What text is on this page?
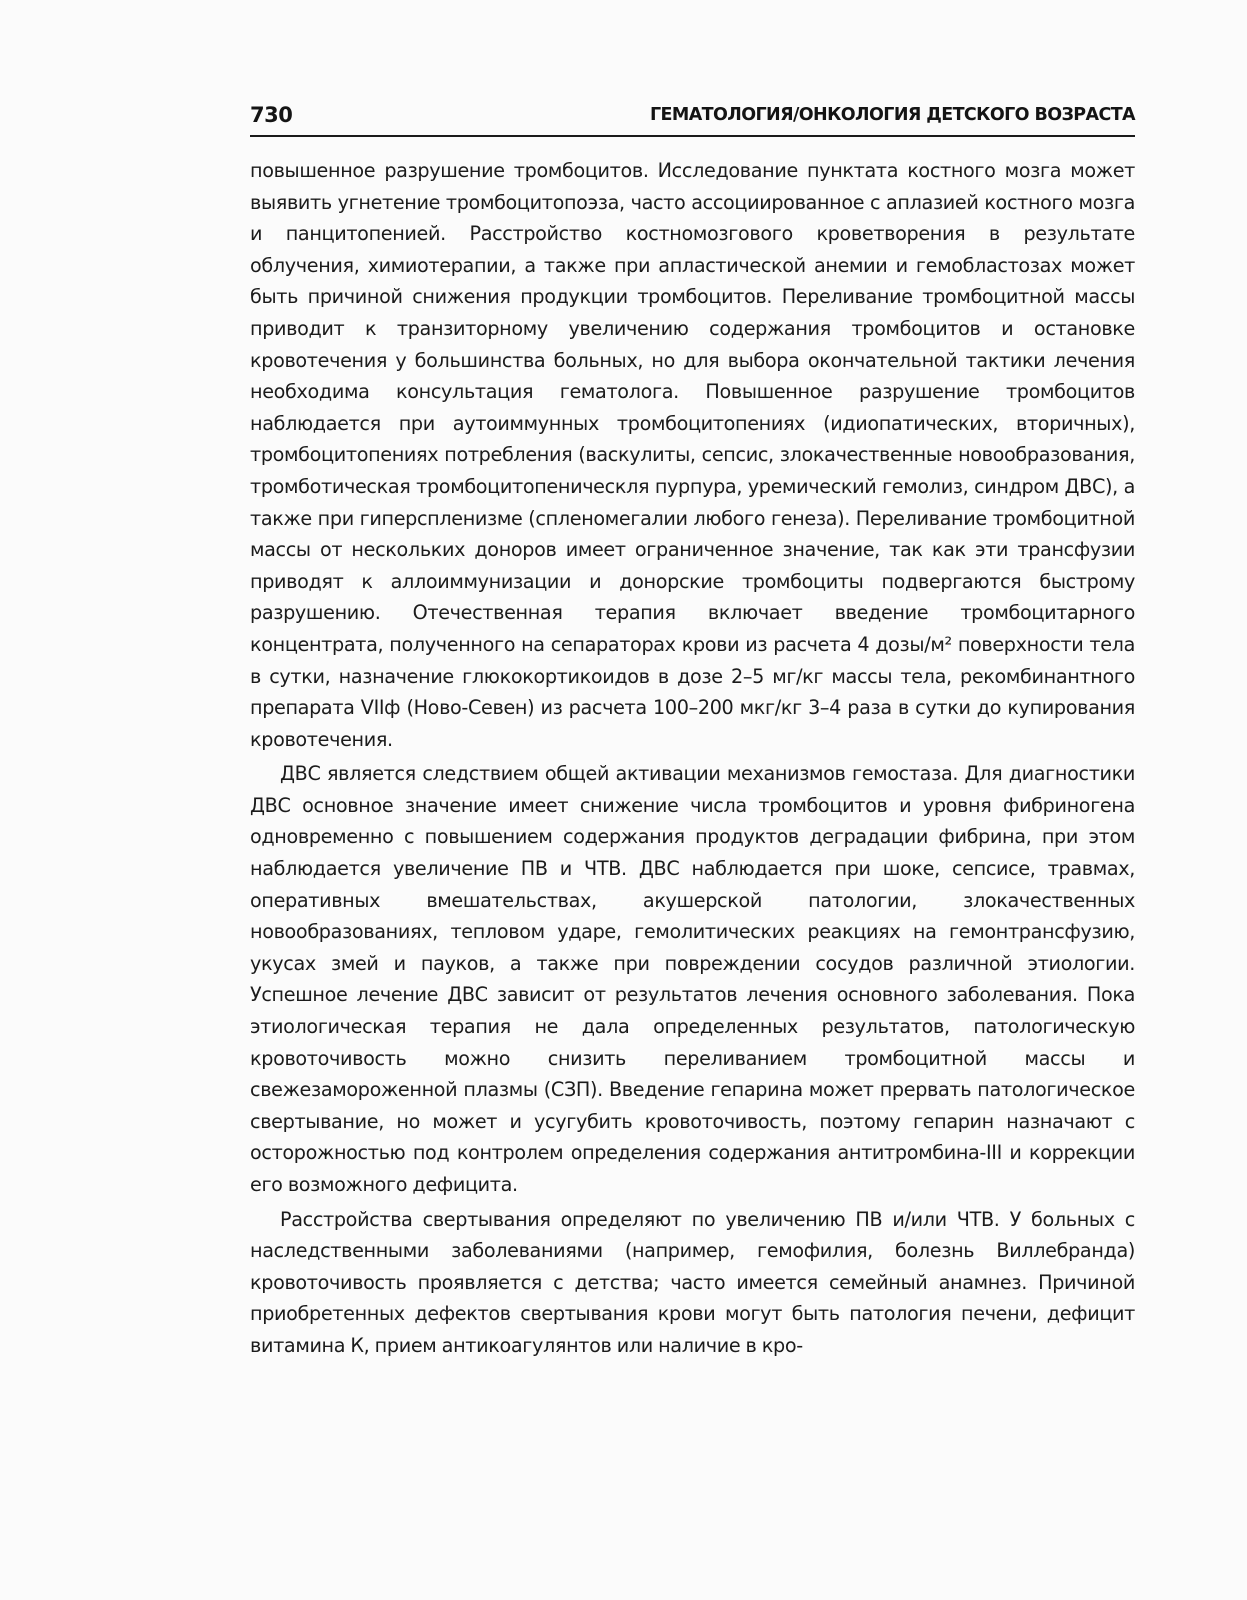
730	ГЕМАТОЛОГИЯ/ОНКОЛОГИЯ ДЕТСКОГО ВОЗРАСТА

повышенное разрушение тромбоцитов. Исследование пунктата костного мозга может выявить угнетение тромбоцитопоэза, часто ассоциированное с аплазией костного мозга и панцитопенией. Расстройство костномозгового кроветворения в результате облучения, химиотерапии, а также при апластической анемии и гемобластозах может быть причиной снижения продукции тромбоцитов. Переливание тромбоцитной массы приводит к транзиторному увеличению содержания тромбоцитов и остановке кровотечения у большинства больных, но для выбора окончательной тактики лечения необходима консультация гематолога. Повышенное разрушение тромбоцитов наблюдается при аутоиммунных тромбоцитопениях (идиопатических, вторичных), тромбоцитопениях потребления (васкулиты, сепсис, злокачественные новообразования, тромботическая тромбоцитопеническля пурпура, уремический гемолиз, синдром ДВС), а также при гиперспленизме (спленомегалии любого генеза). Переливание тромбоцитной массы от нескольких доноров имеет ограниченное значение, так как эти трансфузии приводят к аллоиммунизации и донорские тромбоциты подвергаются быстрому разрушению. Отечественная терапия включает введение тромбоцитарного концентрата, полученного на сепараторах крови из расчета 4 дозы/м² поверхности тела в сутки, назначение глюкокортикоидов в дозе 2–5 мг/кг массы тела, рекомбинантного препарата VIIф (Ново-Севен) из расчета 100–200 мкг/кг 3–4 раза в сутки до купирования кровотечения.

ДВС является следствием общей активации механизмов гемостаза. Для диагностики ДВС основное значение имеет снижение числа тромбоцитов и уровня фибриногена одновременно с повышением содержания продуктов деградации фибрина, при этом наблюдается увеличение ПВ и ЧТВ. ДВС наблюдается при шоке, сепсисе, травмах, оперативных вмешательствах, акушерской патологии, злокачественных новообразованиях, тепловом ударе, гемолитических реакциях на гемонтрансфузию, укусах змей и пауков, а также при повреждении сосудов различной этиологии. Успешное лечение ДВС зависит от результатов лечения основного заболевания. Пока этиологическая терапия не дала определенных результатов, патологическую кровоточивость можно снизить переливанием тромбоцитной массы и свежезамороженной плазмы (СЗП). Введение гепарина может прервать патологическое свертывание, но может и усугубить кровоточивость, поэтому гепарин назначают с осторожностью под контролем определения содержания антитромбина-III и коррекции его возможного дефицита.

Расстройства свертывания определяют по увеличению ПВ и/или ЧТВ. У больных с наследственными заболеваниями (например, гемофилия, болезнь Виллебранда) кровоточивость проявляется с детства; часто имеется семейный анамнез. Причиной приобретенных дефектов свертывания крови могут быть патология печени, дефицит витамина К, прием антикоагулянтов или наличие в кро-
